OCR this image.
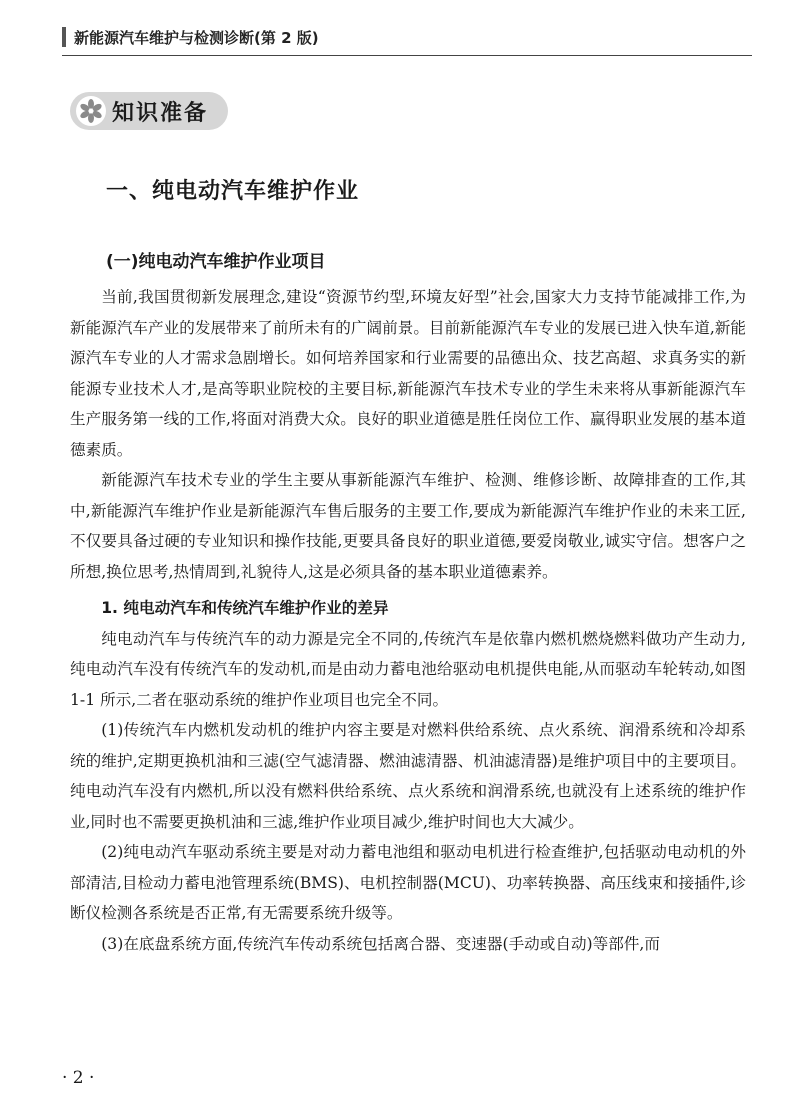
新能源汽车维护与检测诊断(第 2 版)
知识准备
一、纯电动汽车维护作业
(一)纯电动汽车维护作业项目

当前,我国贯彻新发展理念,建设“资源节约型,环境友好型”社会,国家大力支持节能减排工作,为新能源汽车产业的发展带来了前所未有的广阔前景。目前新能源汽车专业的发展已进入快车道,新能源汽车专业的人才需求急剧增长。如何培养国家和行业需要的品德出众、技艺高超、求真务实的新能源专业技术人才,是高等职业院校的主要目标,新能源汽车技术专业的学生未来将从事新能源汽车生产服务第一线的工作,将面对消费大众。良好的职业道德是胜任岗位工作、赢得职业发展的基本道德素质。

新能源汽车技术专业的学生主要从事新能源汽车维护、检测、维修诊断、故障排查的工作,其中,新能源汽车维护作业是新能源汽车售后服务的主要工作,要成为新能源汽车维护作业的未来工匠,不仅要具备过硬的专业知识和操作技能,更要具备良好的职业道德,要爱岗敬业,诚实守信。想客户之所想,换位思考,热情周到,礼貌待人,这是必须具备的基本职业道德素养。

1. 纯电动汽车和传统汽车维护作业的差异

纯电动汽车与传统汽车的动力源是完全不同的,传统汽车是依靠内燃机燃烧燃料做功产生动力,纯电动汽车没有传统汽车的发动机,而是由动力蓄电池给驱动电机提供电能,从而驱动车轮转动,如图 1-1 所示,二者在驱动系统的维护作业项目也完全不同。

(1)传统汽车内燃机发动机的维护内容主要是对燃料供给系统、点火系统、润滑系统和冷却系统的维护,定期更换机油和三滤(空气滤清器、燃油滤清器、机油滤清器)是维护项目中的主要项目。纯电动汽车没有内燃机,所以没有燃料供给系统、点火系统和润滑系统,也就没有上述系统的维护作业,同时也不需要更换机油和三滤,维护作业项目减少,维护时间也大大减少。

(2)纯电动汽车驱动系统主要是对动力蓄电池组和驱动电机进行检查维护,包括驱动电动机的外部清洁,目检动力蓄电池管理系统(BMS)、电机控制器(MCU)、功率转换器、高压线束和接插件,诊断仪检测各系统是否正常,有无需要系统升级等。

(3)在底盘系统方面,传统汽车传动系统包括离合器、变速器(手动或自动)等部件,而

· 2 ·
